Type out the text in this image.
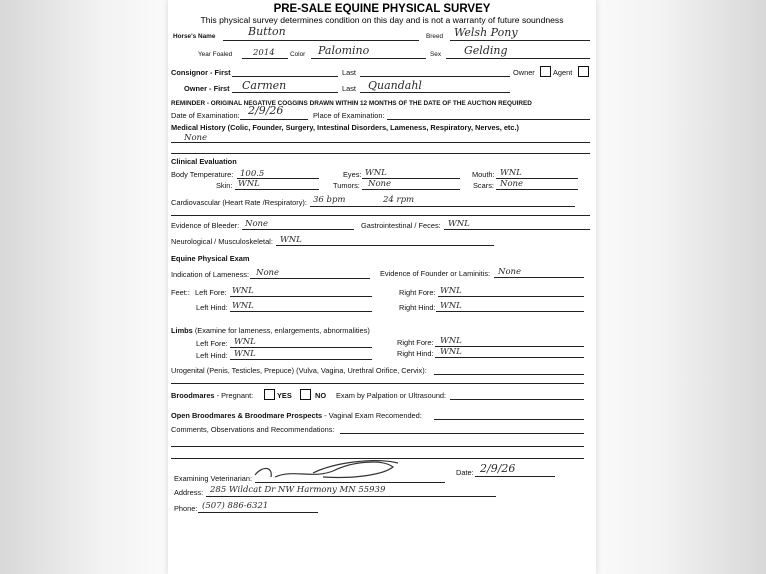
PRE-SALE EQUINE PHYSICAL SURVEY
This physical survey determines condition on this day and is not a warranty of future soundness
Horse's Name	Button	Breed Welsh Pony
Year Foaled 2014 Color Palomino	Sex Gelding
Consignor - First	Last	Owner Agent
Owner - First Carmen	Last Quandahl
REMINDER - ORIGINAL NEGATIVE COGGINS DRAWN WITHIN 12 MONTHS OF THE DATE OF THE AUCTION REQUIRED
Date of Examination: 2/9/26	Place of Examination:
Medical History (Colic, Founder, Surgery, Intestinal Disorders, Lameness, Respiratory, Nerves, etc.)
None
Clinical Evaluation
Body Temperature: 100.5	Eyes: WNL	Mouth: WNL
Skin: WNL	Tumors: None	Scars: None
Cardiovascular (Heart Rate /Respiratory): 36 bpm	24 rpm
Evidence of Bleeder: None	Gastrointestinal / Feces: WNL
Neurological / Musculoskeletal: WNL
Equine Physical Exam
Indication of Lameness: None	Evidence of Founder or Laminitis: None
Feet:: Left Fore: WNL	Right Fore: WNL
Left Hind: WNL	Right Hind: WNL
Limbs (Examine for lameness, enlargements, abnormalities)
Left Fore: WNL	Right Fore: WNL
Left Hind: WNL	Right Hind: WNL
Urogenital (Penis, Testicles, Prepuce) (Vulva, Vagina, Urethral Orifice, Cervix):
Broodmares - Pregnant:	YES	NO Exam by Palpation or Ultrasound:
Open Broodmares & Broodmare Prospects - Vaginal Exam Recomended:
Comments, Observations and Recommendations:
Examining Veterinarian:
Date: 2/9/26
Address: 285 Wildcat Dr NW Harmony MN 55939
Phone: (507) 886-6321
